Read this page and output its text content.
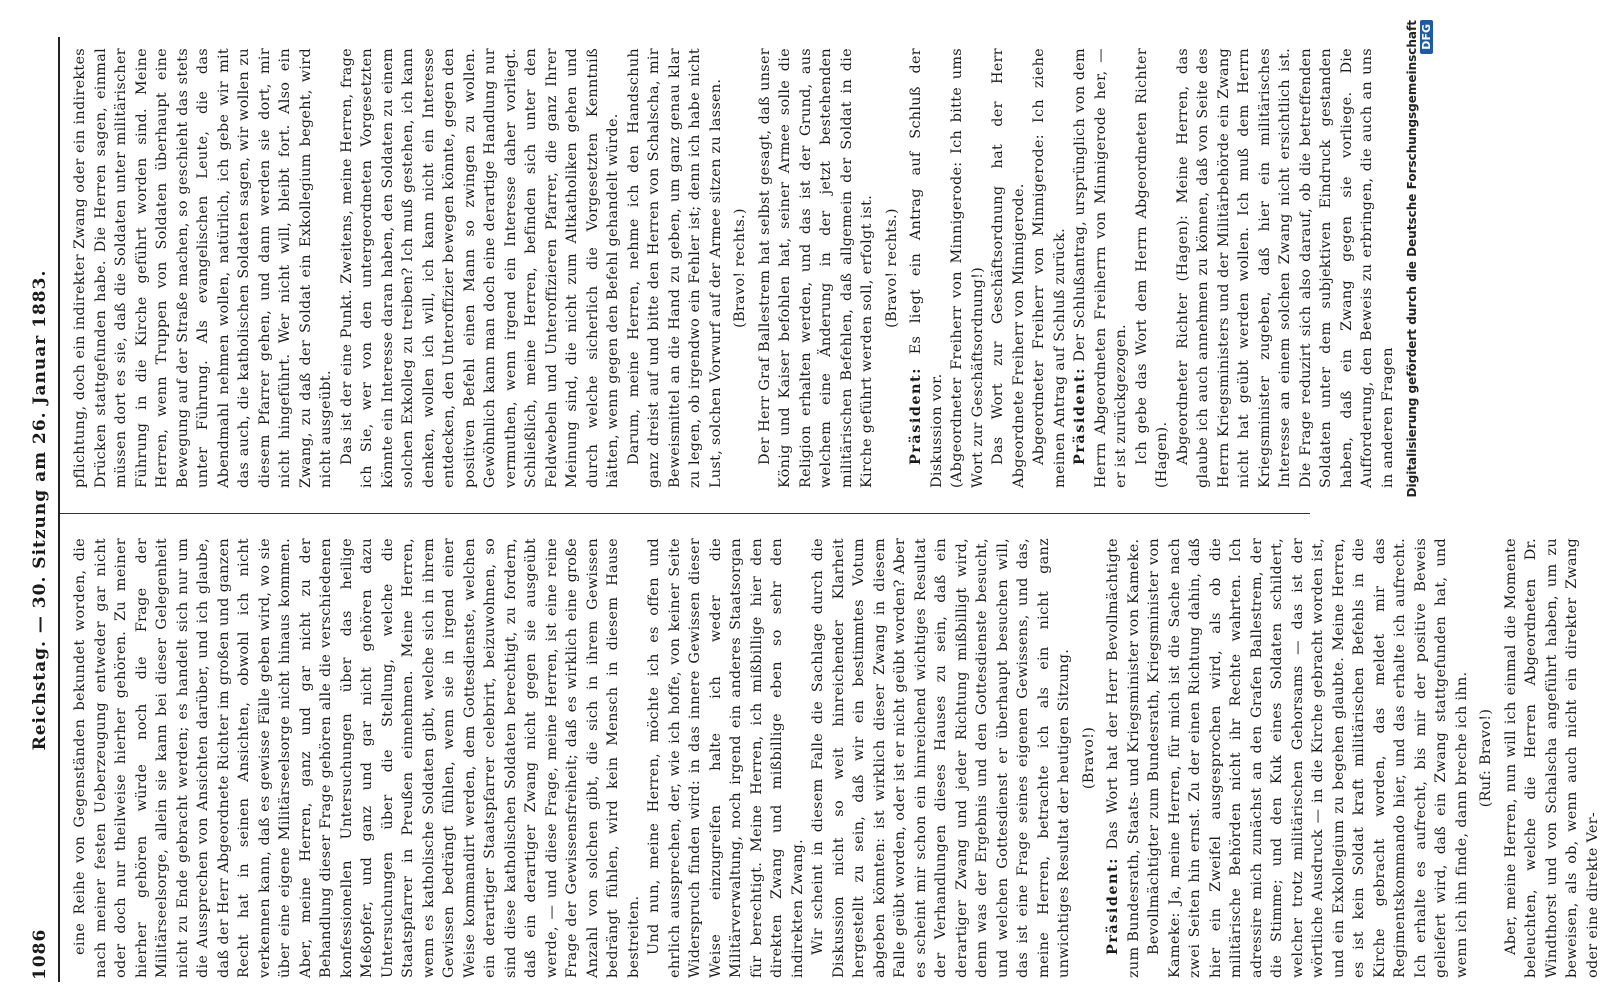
1086
Reichstag. — 30. Sitzung am 26. Januar 1883. eine Reihe von Gegenständen bekundet worden, die nach meiner festen Ueberzeugung entweder gar nicht oder doch nur theilweise hierher gehören. Zu meiner hierher gehören würde noch die Frage der Militärseelsorge, allein sie kann bei dieser Gelegenheit nicht zu Ende gebracht werden; es handelt sich nur um die Aussprechen von Ansichten darüber, und ich glaube, daß der Herr Abgeordnete Richter im großen und ganzen Recht hat in seinen Ansichten, obwohl ich nicht verkennen kann, daß es gewisse Fälle geben wird, wo sie über eine eigene Militärseelsorge nicht hinaus kommen. Aber, meine Herren, ganz und gar nicht zu der Behandlung dieser Frage gehören alle die verschiedenen konfessionellen Untersuchungen über das heilige Meßopfer, und ganz und gar nicht gehören dazu Untersuchungen über die Stellung, welche die Staatspfarrer in Preußen einnehmen. Meine Herren, wenn es katholische Soldaten gibt, welche sich in ihrem Gewissen bedrängt fühlen, wenn sie in irgend einer Weise kommandirt werden, dem Gottesdienste, welchen ein derartiger Staatspfarrer celebrirt, beizuwohnen, so sind diese katholischen Soldaten berechtigt, zu fordern, daß ein derartiger Zwang nicht gegen sie ausgeübt werde, — und diese Frage, meine Herren, ist eine reine Frage der Gewissensfreiheit; daß es wirklich eine große Anzahl von solchen gibt, die sich in ihrem Gewissen bedrängt fühlen, wird kein Mensch in diesem Hause bestreiten. Und nun, meine Herren, möchte ich es offen und ehrlich aussprechen, der, wie ich hoffe, von keiner Seite Widerspruch finden wird: in das innere Gewissen dieser Weise einzugreifen halte ich weder die Militärverwaltung, noch irgend ein anderes Staatsorgan für berechtigt. Meine Herren, ich mißbillige hier den direkten Zwang und mißbillige eben so sehr den indirekten Zwang. Wir scheint in diesem Falle die Sachlage durch die Diskussion nicht so weit hinreichender Klarheit hergestellt zu sein, daß wir ein bestimmtes Votum abgeben könnten: ist wirklich dieser Zwang in diesem Falle geübt worden, oder ist er nicht geübt worden? Aber es scheint mir schon ein hinreichend wichtiges Resultat der Verhandlungen dieses Hauses zu sein, daß ein derartiger Zwang und jeder Richtung mißbilligt wird, denn was der Ergebnis und den Gottesdienste besucht, und welchen Gottesdienst er überhaupt besuchen will, das ist eine Frage seines eigenen Gewissens, und das, meine Herren, betrachte ich als ein nicht ganz unwichtiges Resultat der heutigen Sitzung. (Bravo!)

Präsident: Das Wort hat der Herr Bevollmächtigte zum Bundesrath, Staats- und Kriegsminister von Kameke. Bevollmächtigter zum Bundesrath, Kriegsminister von Kameke: Ja, meine Herren, für mich ist die Sache nach zwei Seiten hin ernst. Zu der einen Richtung dahin, daß hier ein Zweifel ausgesprochen wird, als ob die militärische Behörden nicht ihr Rechte wahrten. Ich adressire mich zunächst an den Grafen Ballestrem, der die Stimme; und den Kuk eines Soldaten schildert, welcher trotz militärischen Gehorsams — das ist der wörtliche Ausdruck — in die Kirche gebracht worden ist, und ein Exkollegium zu begehen glaubte. Meine Herren, es ist kein Soldat kraft militärischen Befehls in die Kirche gebracht worden, das meldet mir das Regimentskommando hier, und das erhalte ich aufrecht. Ich erhalte es aufrecht, bis mir der positive Beweis geliefert wird, daß ein Zwang stattgefunden hat, und wenn ich ihn finde, dann breche ich ihn. (Ruf: Bravo!) Aber, meine Herren, nun will ich einmal die Momente beleuchten, welche die Herren Abgeordneten Dr. Windthorst und von Schalscha angeführt haben, um zu beweisen, als ob, wenn auch nicht ein direkter Zwang oder eine direkte Ver-

pflichtung, doch ein indirekter Zwang oder ein indirektes Drücken stattgefunden habe. Die Herren sagen, einmal müssen dort es sie, daß die Soldaten unter militärischer Führung in die Kirche geführt worden sind. Meine Herren, wenn Truppen von Soldaten überhaupt eine Bewegung auf der Straße machen, so geschieht das stets unter Führung. Als evangelischen Leute, die das Abendmahl nehmen wollen, natürlich, ich gebe wir mit das auch, die katholischen Soldaten sagen, wir wollen zu diesem Pfarrer gehen, und dann werden sie dort, mir nicht hingeführt. Wer nicht will, bleibt fort. Also ein Zwang, zu daß der Soldat ein Exkollegium begeht, wird nicht ausgeübt. Das ist der eine Punkt. Zweitens, meine Herren, frage ich Sie, wer von den untergeordneten Vorgesetzten könnte ein Interesse daran haben, den Soldaten zu einem solchen Exkolleg zu treiben? Ich muß gestehen, ich kann denken, wollen ich will, ich kann nicht ein Interesse entdecken, den Unteroffizier bewegen könnte, gegen den positiven Befehl einen Mann so zwingen zu wollen. Gewöhnlich kann man doch eine derartige Handlung nur vermuthen, wenn irgend ein Interesse daher vorliegt. Schließlich, meine Herren, befinden sich unter den Feldwebeln und Unteroffizieren Pfarrer, die ganz Ihrer Meinung sind, die nicht zum Altkatholiken gehen und durch welche sicherlich die Vorgesetzten Kenntniß hätten, wenn gegen den Befehl gehandelt würde. Darum, meine Herren, nehme ich den Handschuh ganz dreist auf und bitte den Herren von Schalscha, mir Beweismittel an die Hand zu geben, um ganz genau klar zu legen, ob irgendwo ein Fehler ist; denn ich habe nicht Lust, solchen Vorwurf auf der Armee sitzen zu lassen. (Bravo! rechts.) Der Herr Graf Ballestrem hat selbst gesagt, daß unser König und Kaiser befohlen hat, seiner Armee solle die Religion erhalten werden, und das ist der Grund, aus welchem eine Änderung in der jetzt bestehenden militärischen Befehlen, daß allgemein der Soldat in die Kirche geführt werden soll, erfolgt ist. (Bravo! rechts.)

Präsident: Es liegt ein Antrag auf Schluß der Diskussion vor. (Abgeordneter Freiherr von Minnigerode: Ich bitte ums Wort zur Geschäftsordnung!) Das Wort zur Geschäftsordnung hat der Herr Abgeordnete Freiherr von Minnigerode. Abgeordneter Freiherr von Minnigerode: Ich ziehe meinen Antrag auf Schluß zurück. Präsident: Der Schlußantrag, ursprünglich von dem Herrn Abgeordneten Freiherrn von Minnigerode her, — er ist zurückgezogen. Ich gebe das Wort dem Herrn Abgeordneten Richter (Hagen). Abgeordneter Richter (Hagen): Meine Herren, das glaube ich auch annehmen zu können, daß von Seite des Herrn Kriegsministers und der Militärbehörde ein Zwang nicht hat geübt werden wollen. Ich muß dem Herrn Kriegsminister zugeben, daß hier ein militärisches Interesse an einem solchen Zwang nicht ersichtlich ist. Die Frage reduzirt sich also darauf, ob die betreffenden Soldaten unter dem subjektiven Eindruck gestanden haben, daß ein Zwang gegen sie vorliege. Die Aufforderung, den Beweis zu erbringen, die auch an uns in anderen Fragen Digitalisierung gefördert durch die Deutsche Forschungsgemeinschaft DFG
